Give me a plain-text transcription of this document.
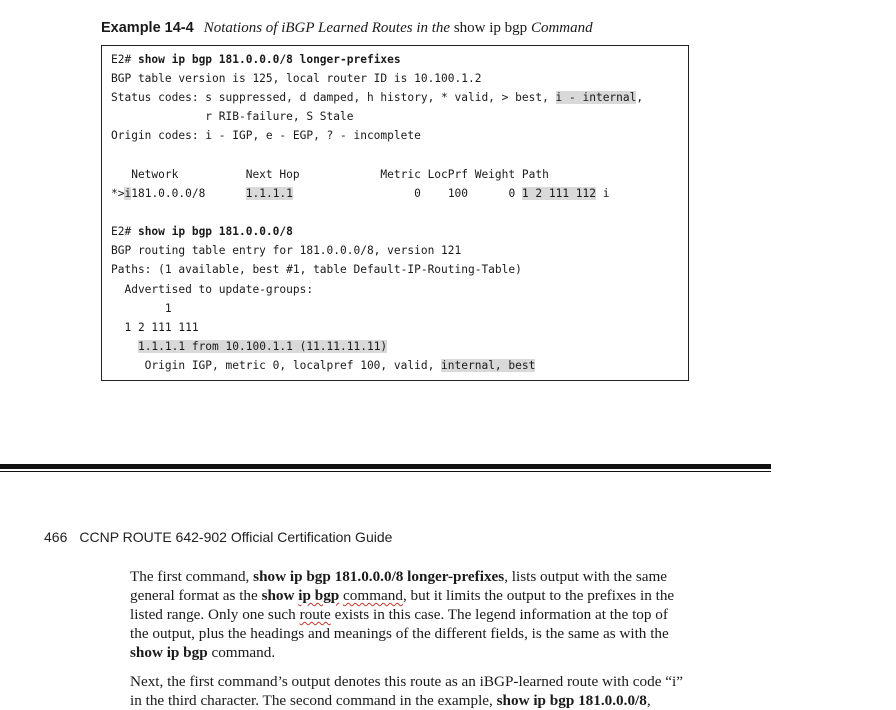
Example 14-4 Notations of iBGP Learned Routes in the show ip bgp Command
E2# show ip bgp 181.0.0.0/8 longer-prefixes
BGP table version is 125, local router ID is 10.100.1.2
Status codes: s suppressed, d damped, h history, * valid, > best, i - internal,
r RIB-failure, S Stale
Origin codes: i - IGP, e - EGP, ? - incomplete
Network          Next Hop            Metric LocPrf Weight Path
*>i181.0.0.0/8      1.1.1.1                  0    100      0 1 2 111 112 i
E2# show ip bgp 181.0.0.0/8
BGP routing table entry for 181.0.0.0/8, version 121
Paths: (1 available, best #1, table Default-IP-Routing-Table)
Advertised to update-groups:
1
1 2 111 111
1.1.1.1 from 10.100.1.1 (11.11.11.11)
Origin IGP, metric 0, localpref 100, valid, internal, best
466 CCNP ROUTE 642-902 Official Certification Guide

The first command, show ip bgp 181.0.0.0/8 longer-prefixes, lists output with the same general format as the show ip bgp command, but it limits the output to the prefixes in the listed range. Only one such route exists in this case. The legend information at the top of the output, plus the headings and meanings of the different fields, is the same as with the show ip bgp command.

Next, the first command’s output denotes this route as an iBGP-learned route with code “i” in the third character. The second command in the example, show ip bgp 181.0.0.0/8,
